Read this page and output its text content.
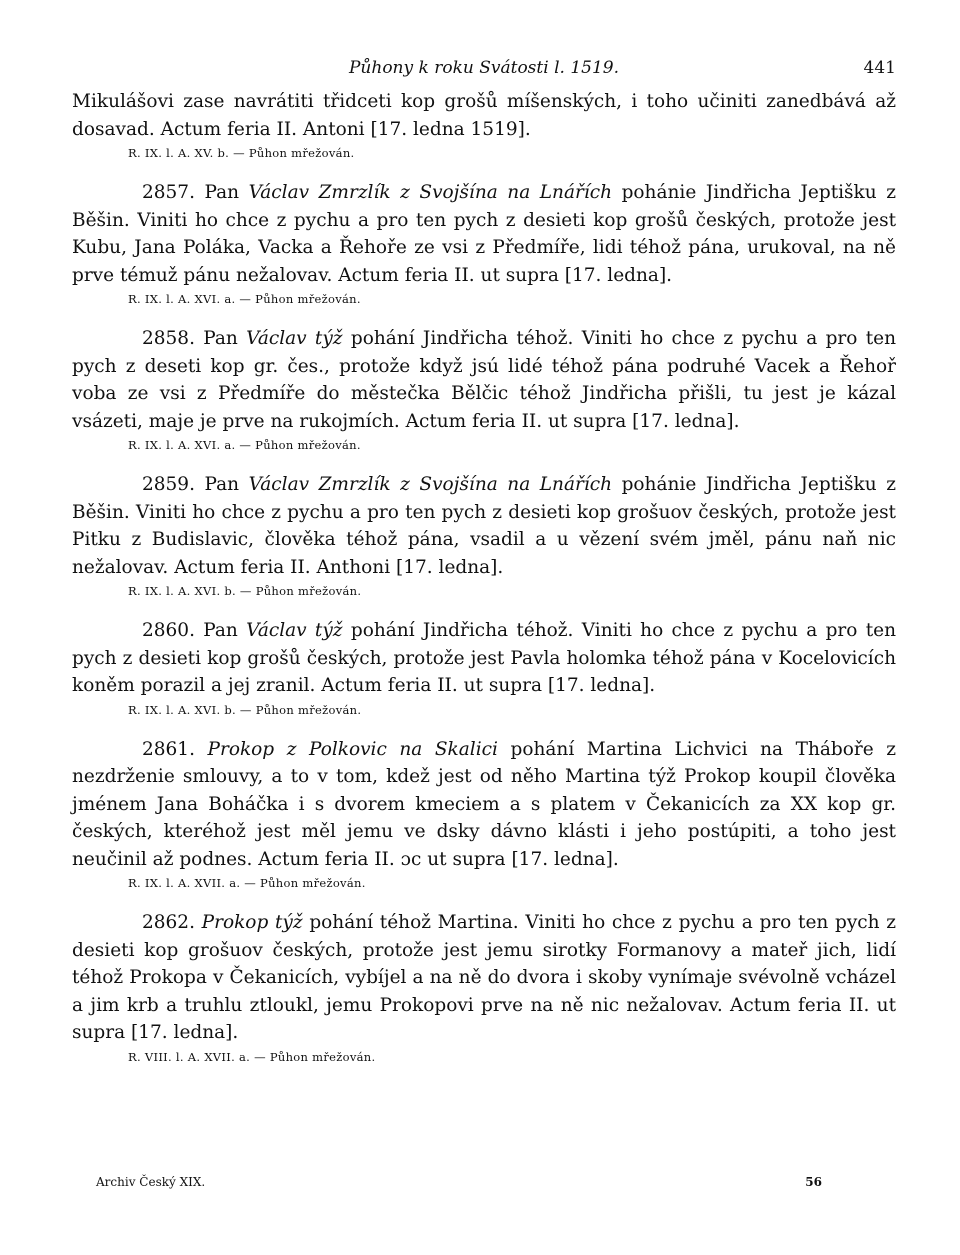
Půhony k roku Svátosti l. 1519.	441

Mikulášovi zase navrátiti třidceti kop grošů míšenských, i toho učiniti zanedbává až dosavad. Actum feria II. Antoni [17. ledna 1519].

R. IX. l. A. XV. b. — Půhon mřežován.

2857. Pan Václav Zmrzlík z Svojšína na Lnářích pohánie Jindřicha Jeptišku z Běšin. Viniti ho chce z pychu a pro ten pych z desieti kop grošů českých, protože jest Kubu, Jana Poláka, Vacka a Řehoře ze vsi z Předmíře, lidi téhož pána, urukoval, na ně prve témuž pánu nežalovav. Actum feria II. ut supra [17. ledna].

R. IX. l. A. XVI. a. — Půhon mřežován.

2858. Pan Václav týž pohání Jindřicha téhož. Viniti ho chce z pychu a pro ten pych z deseti kop gr. čes., protože když jsú lidé téhož pána podruhé Vacek a Řehoř voba ze vsi z Předmíře do městečka Bělčic téhož Jindřicha přišli, tu jest je kázal vsázeti, maje je prve na rukojmích. Actum feria II. ut supra [17. ledna].

R. IX. l. A. XVI. a. — Půhon mřežován.

2859. Pan Václav Zmrzlík z Svojšína na Lnářích pohánie Jindřicha Jeptišku z Běšin. Viniti ho chce z pychu a pro ten pych z desieti kop grošuov českých, protože jest Pitku z Budislavic, člověka téhož pána, vsadil a u vězení svém jměl, pánu naň nic nežalovav. Actum feria II. Anthoni [17. ledna].

R. IX. l. A. XVI. b. — Půhon mřežován.

2860. Pan Václav týž pohání Jindřicha téhož. Viniti ho chce z pychu a pro ten pych z desieti kop grošů českých, protože jest Pavla holomka téhož pána v Kocelovicích koněm porazil a jej zranil. Actum feria II. ut supra [17. ledna].

R. IX. l. A. XVI. b. — Půhon mřežován.

2861. Prokop z Polkovic na Skalici pohání Martina Lichvici na Tháboře z nezdrženie smlouvy, a to v tom, kdež jest od něho Martina týž Prokop koupil člověka jménem Jana Boháčka i s dvorem kmeciem a s platem v Čekanicích za XX kop gr. českých, kteréhož jest měl jemu ve dsky dávno klásti i jeho postúpiti, a toho jest neučinil až podnes. Actum feria II. ɔc ut supra [17. ledna].

R. IX. l. A. XVII. a. — Půhon mřežován.

2862. Prokop týž pohání téhož Martina. Viniti ho chce z pychu a pro ten pych z desieti kop grošuov českých, protože jest jemu sirotky Formanovy a mateř jich, lidí téhož Prokopa v Čekanicích, vybíjel a na ně do dvora i skoby vynímaje svévolně vcházel a jim krb a truhlu ztloukl, jemu Prokopovi prve na ně nic nežalovav. Actum feria II. ut supra [17. ledna].

R. VIII. l. A. XVII. a. — Půhon mřežován.

Archiv Český XIX.	56
